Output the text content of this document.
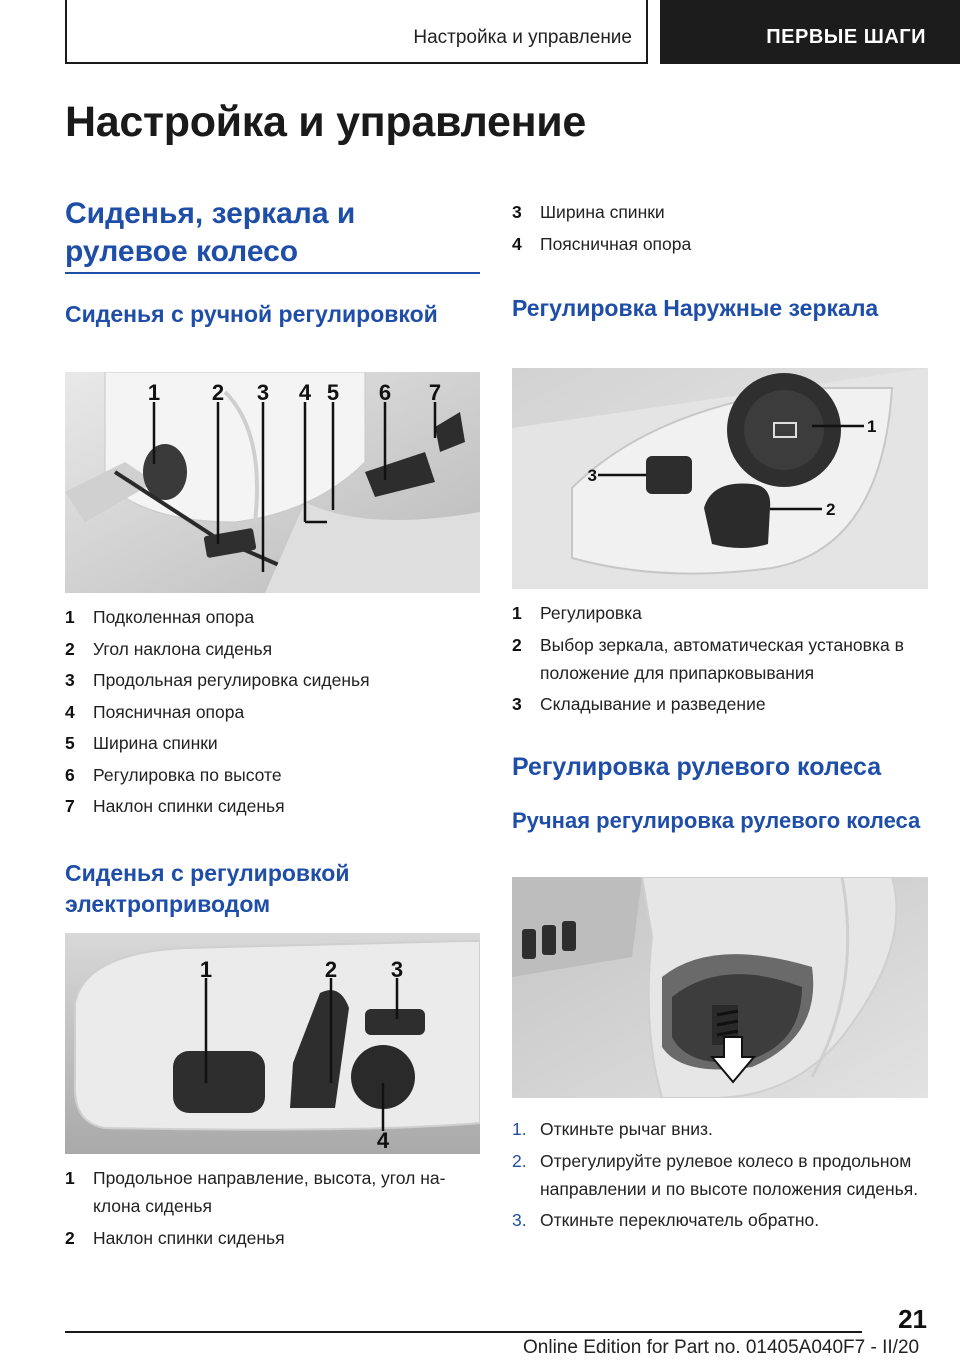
Настройка и управление	ПЕРВЫЕ ШАГИ
Настройка и управление
Сиденья, зеркала и рулевое колесо
Сиденья с ручной регулировкой
1 2 3 4 5 6 7
1 Подколенная опора
2 Угол наклона сиденья
3 Продольная регулировка сиденья
4 Поясничная опора
5 Ширина спинки
6 Регулировка по высоте
7 Наклон спинки сиденья
Сиденья с регулировкой электроприводом
1	2 3
4
1 Продольное направление, высота, угол наклона сиденья
2 Наклон спинки сиденья
3 Ширина спинки
4 Поясничная опора
Регулировка Наружные зеркала
1
2
3
1 Регулировка
2 Выбор зеркала, автоматическая установка в положение для припарковывания
3 Складывание и разведение
Регулировка рулевого колеса
Ручная регулировка рулевого колеса
1. Откиньте рычаг вниз.
2. Отрегулируйте рулевое колесо в продольном направлении и по высоте положения сиденья.
3. Откиньте переключатель обратно.
21
Online Edition for Part no. 01405A040F7 - II/20
